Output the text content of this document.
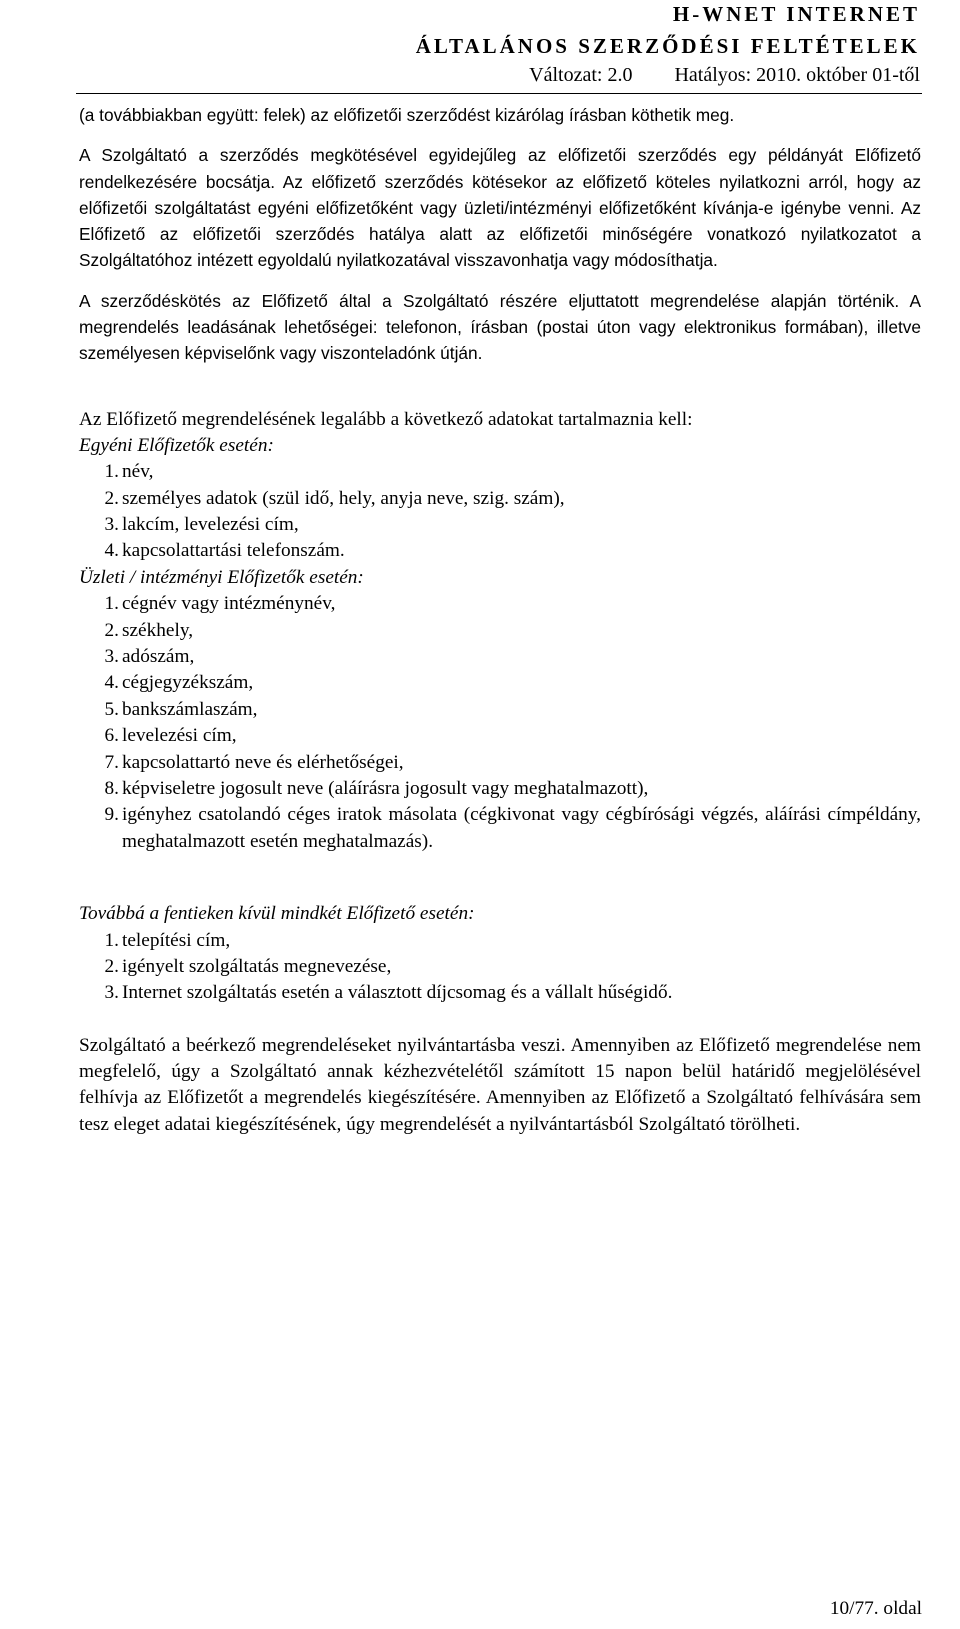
H-WNET INTERNET
ÁLTALÁNOS SZERZŐDÉSI FELTÉTELEK
Változat: 2.0 Hatályos: 2010. október 01-től

(a továbbiakban együtt: felek) az előfizetői szerződést kizárólag írásban köthetik meg.

A Szolgáltató a szerződés megkötésével egyidejűleg az előfizetői szerződés egy példányát Előfizető rendelkezésére bocsátja. Az előfizető szerződés kötésekor az előfizető köteles nyilatkozni arról, hogy az előfizetői szolgáltatást egyéni előfizetőként vagy üzleti/intézményi előfizetőként kívánja-e igénybe venni. Az Előfizető az előfizetői szerződés hatálya alatt az előfizetői minőségére vonatkozó nyilatkozatot a Szolgáltatóhoz intézett egyoldalú nyilatkozatával visszavonhatja vagy módosíthatja.

A szerződéskötés az Előfizető által a Szolgáltató részére eljuttatott megrendelése alapján történik. A megrendelés leadásának lehetőségei: telefonon, írásban (postai úton vagy elektronikus formában), illetve személyesen képviselőnk vagy viszonteladónk útján.

Az Előfizető megrendelésének legalább a következő adatokat tartalmaznia kell:

Egyéni Előfizetők esetén:

1. név,
2. személyes adatok (szül idő, hely, anyja neve, szig. szám),
3. lakcím, levelezési cím,
4. kapcsolattartási telefonszám.

Üzleti / intézményi Előfizetők esetén:

1. cégnév vagy intézménynév,
2. székhely,
3. adószám,
4. cégjegyzékszám,
5. bankszámlaszám,
6. levelezési cím,
7. kapcsolattartó neve és elérhetőségei,
8. képviseletre jogosult neve (aláírásra jogosult vagy meghatalmazott),
9. igényhez csatolandó céges iratok másolata (cégkivonat vagy cégbírósági végzés, aláírási címpéldány, meghatalmazott esetén meghatalmazás).

Továbbá a fentieken kívül mindkét Előfizető esetén:

1. telepítési cím,
2. igényelt szolgáltatás megnevezése,
3. Internet szolgáltatás esetén a választott díjcsomag és a vállalt hűségidő.

Szolgáltató a beérkező megrendeléseket nyilvántartásba veszi. Amennyiben az Előfizető megrendelése nem megfelelő, úgy a Szolgáltató annak kézhezvételétől számított 15 napon belül határidő megjelölésével felhívja az Előfizetőt a megrendelés kiegészítésére. Amennyiben az Előfizető a Szolgáltató felhívására sem tesz eleget adatai kiegészítésének, úgy megrendelését a nyilvántartásból Szolgáltató törölheti.

10/77. oldal
